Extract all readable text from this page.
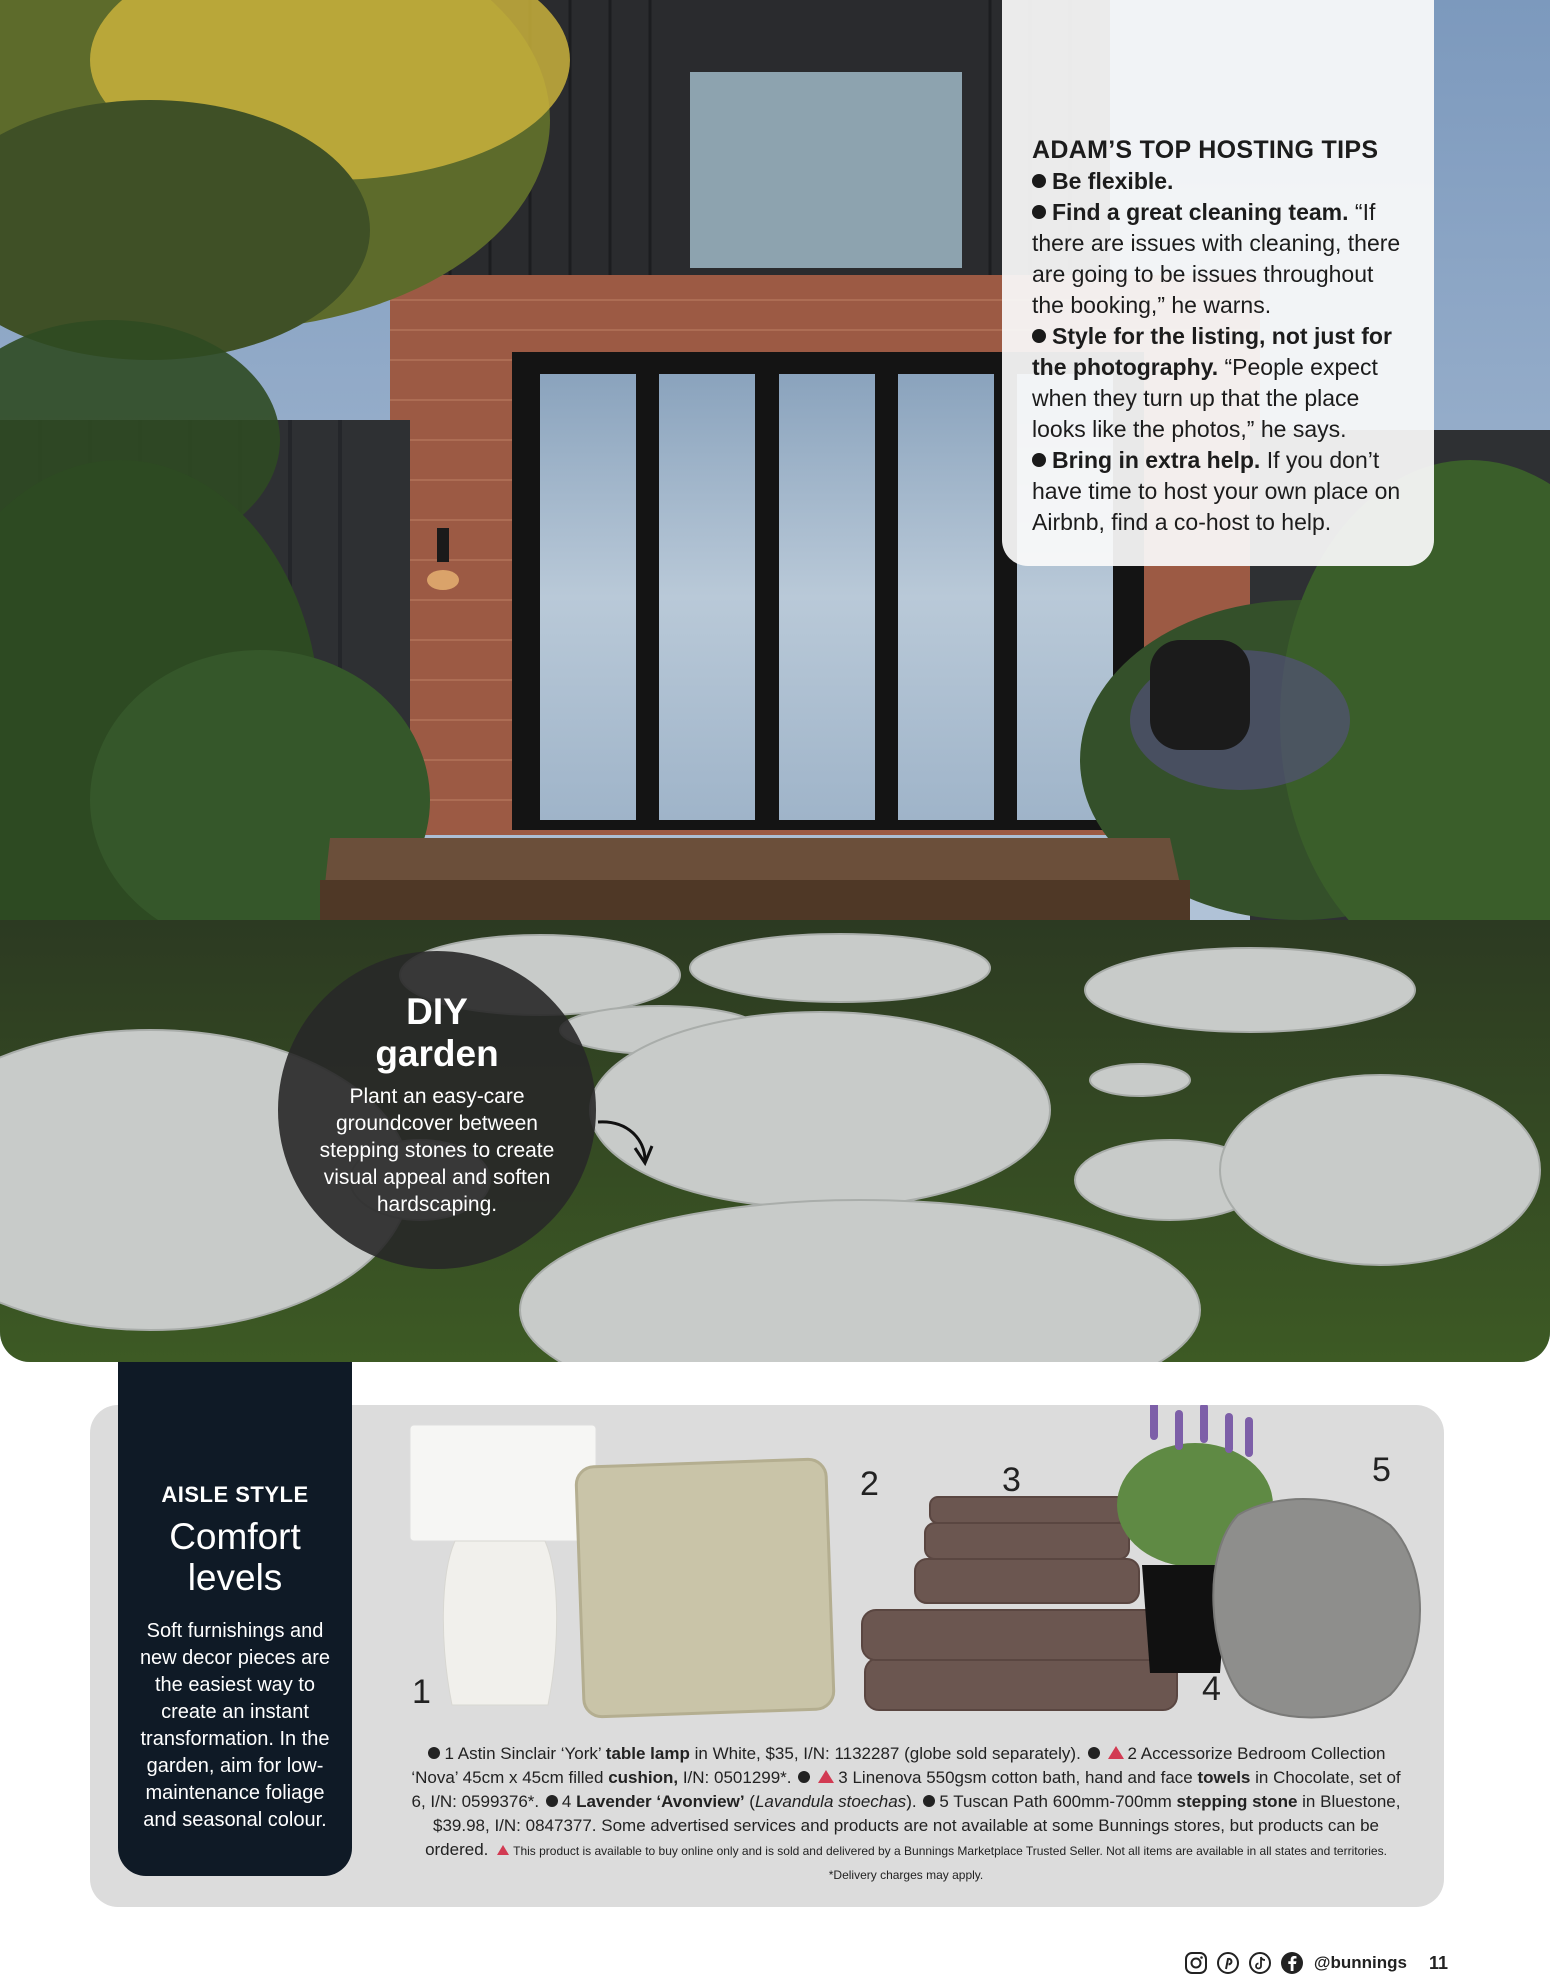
ADAM’S TOP HOSTING TIPS

Be flexible.

Find a great cleaning team. “If there are issues with cleaning, there are going to be issues throughout the booking,” he warns.

Style for the listing, not just for the photography. “People expect when they turn up that the place looks like the photos,” he says.

Bring in extra help. If you don’t have time to host your own place on Airbnb, find a co-host to help.

DIY
garden
Plant an easy-care groundcover between stepping stones to create visual appeal and soften hardscaping.
1
2	3
4
5
AISLE STYLE
Comfort levels
Soft furnishings and new decor pieces are the easiest way to create an instant transformation. In the garden, aim for low-maintenance foliage and seasonal colour.
1 Astin Sinclair ‘York’ table lamp in White, $35, I/N: 1132287 (globe sold separately).	2 Accessorize Bedroom Collection ‘Nova’ 45cm x 45cm filled cushion, I/N: 0501299*.	3 Linenova 550gsm cotton bath, hand and face towels in Chocolate, set of 6, I/N: 0599376*. 4 Lavender ‘Avonview’ (Lavandula stoechas). 5 Tuscan Path 600mm-700mm stepping stone in Bluestone, $39.98, I/N: 0847377. Some advertised services and products are not available at some Bunnings stores, but products can be ordered. This product is available to buy online only and is sold and delivered by a Bunnings Marketplace Trusted Seller. Not all items are available in all states and territories. *Delivery charges may apply.
@bunnings 11
